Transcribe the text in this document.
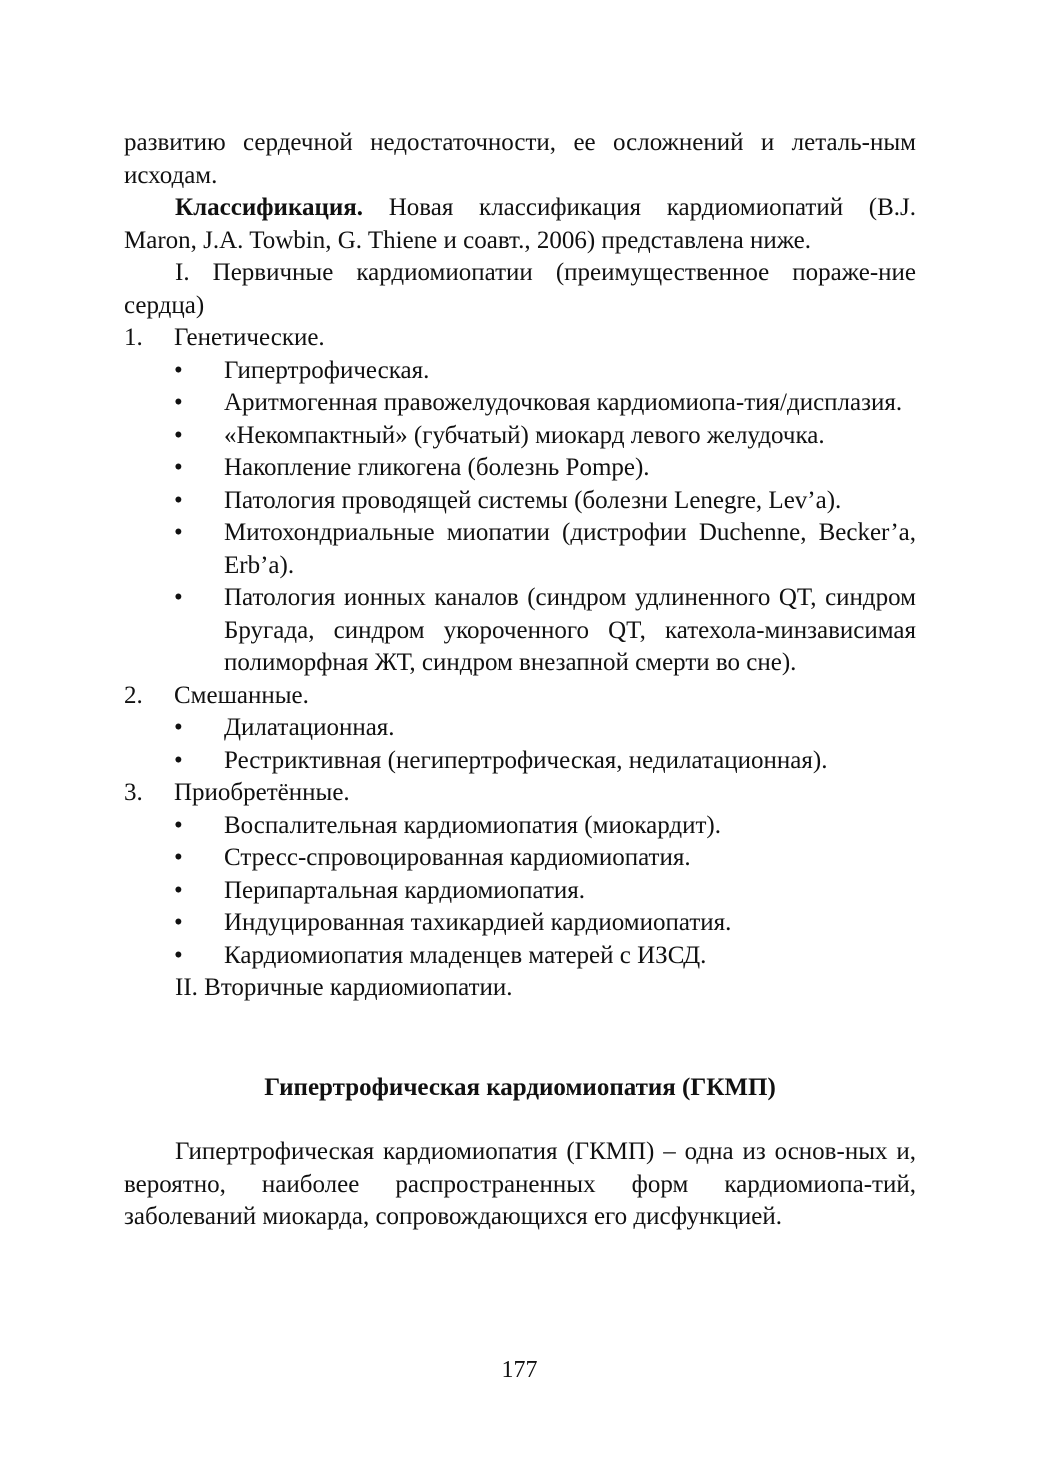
развитию сердечной недостаточности, ее осложнений и леталь-ным исходам.

Классификация. Новая классификация кардиомиопатий (B.J. Maron, J.A. Towbin, G. Thiene и соавт., 2006) представлена ниже.

I. Первичные кардиомиопатии (преимущественное пораже-ние сердца)

1. Генетические.

• Гипертрофическая.
• Аритмогенная правожелудочковая кардиомиопа-тия/дисплазия.
• «Некомпактный» (губчатый) миокард левого желудочка.
• Накопление гликогена (болезнь Pompe).
• Патология проводящей системы (болезни Lenegre, Lev’a).
• Митохондриальные миопатии (дистрофии Duchenne, Becker’a, Erb’a).
• Патология ионных каналов (синдром удлиненного QT, синдром Бругада, синдром укороченного QT, катехола-минзависимая полиморфная ЖТ, синдром внезапной смерти во сне).

2. Смешанные.

• Дилатационная.
• Рестриктивная (негипертрофическая, недилатационная).

3. Приобретённые.

• Воспалительная кардиомиопатия (миокардит).
• Стресс-спровоцированная кардиомиопатия.
• Перипартальная кардиомиопатия.
• Индуцированная тахикардией кардиомиопатия.
• Кардиомиопатия младенцев матерей с ИЗСД.

II. Вторичные кардиомиопатии.

Гипертрофическая кардиомиопатия (ГКМП)

Гипертрофическая кардиомиопатия (ГКМП) – одна из основ-ных и, вероятно, наиболее распространенных форм кардиомиопа-тий, заболеваний миокарда, сопровождающихся его дисфункцией.

177
